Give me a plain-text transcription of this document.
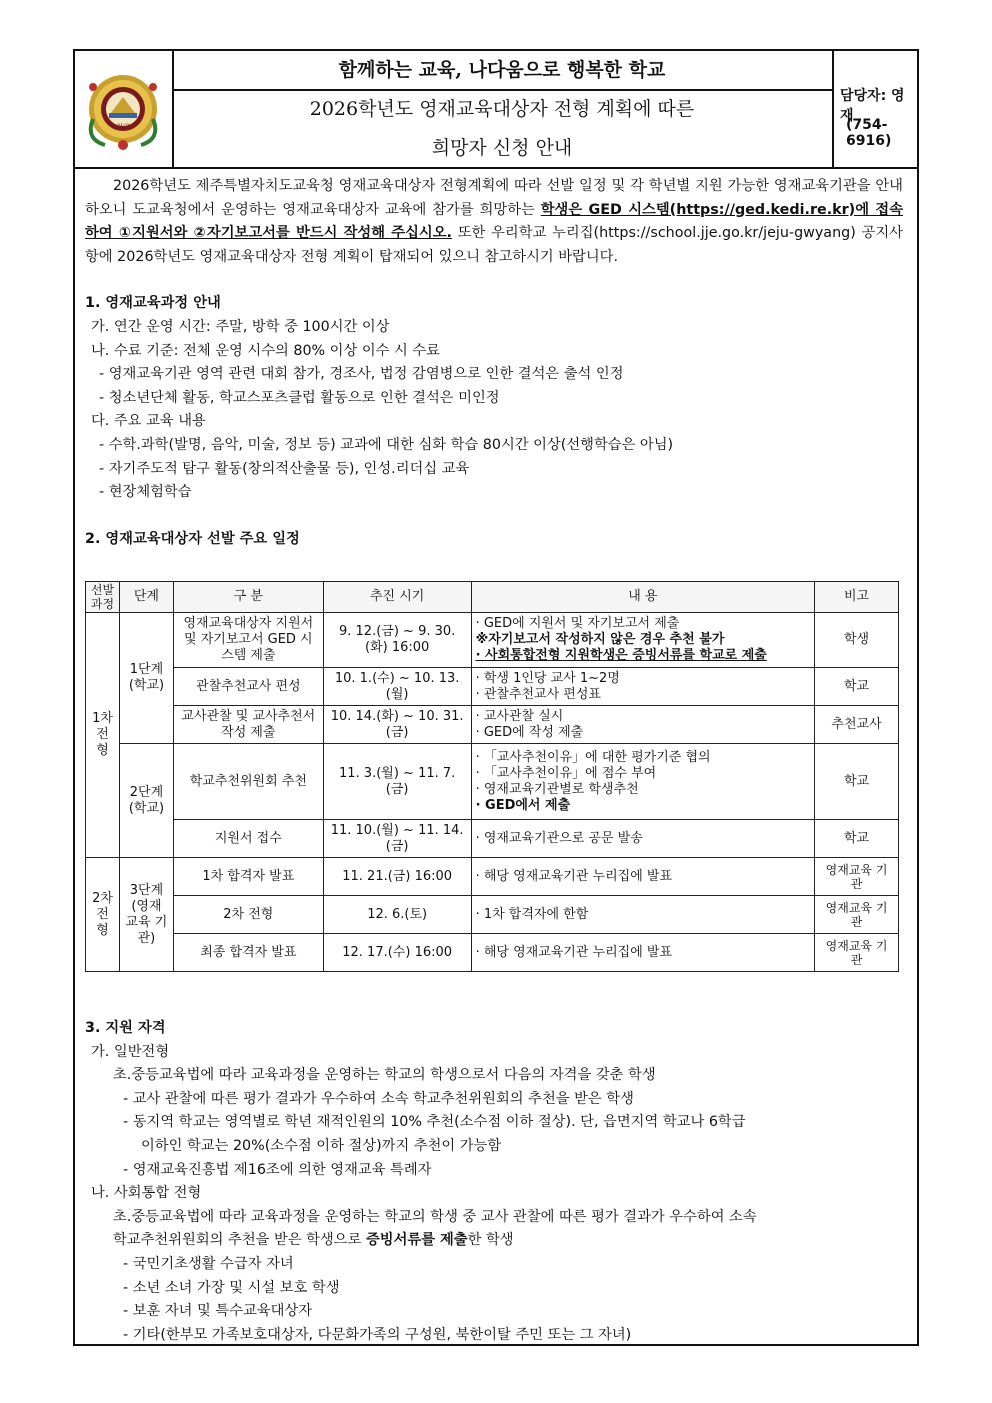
청양
함께하는 교육, 나다움으로 행복한 학교
2026학년도 영재교육대상자 전형 계획에 따른
희망자 신청 안내
담당자: 영재
(754-6916)

2026학년도 제주특별자치도교육청 영재교육대상자 전형계획에 따라 선발 일정 및 각 학년별 지원 가능한 영재교육기관을 안내하오니 도교육청에서 운영하는 영재교육대상자 교육에 참가를 희망하는 학생은 GED 시스템(https://ged.kedi.re.kr)에 접속하여 ①지원서와 ②자기보고서를 반드시 작성해 주십시오. 또한 우리학교 누리집(https://school.jje.go.kr/jeju-gwyang) 공지사항에 2026학년도 영재교육대상자 전형 계획이 탑재되어 있으니 참고하시기 바랍니다.

1. 영재교육과정 안내

가. 연간 운영 시간: 주말, 방학 중 100시간 이상

나. 수료 기준: 전체 운영 시수의 80% 이상 이수 시 수료

- 영재교육기관 영역 관련 대회 참가, 경조사, 법정 감염병으로 인한 결석은 출석 인정

- 청소년단체 활동, 학교스포츠클럽 활동으로 인한 결석은 미인정

다. 주요 교육 내용

- 수학.과학(발명, 음악, 미술, 정보 등) 교과에 대한 심화 학습 80시간 이상(선행학습은 아님)

- 자기주도적 탐구 활동(창의적산출물 등), 인성.리더십 교육

- 현장체험학습

2. 영재교육대상자 선발 주요 일정

선발과정	단계	구 분	추진 시기	내 용	비고
1차 전형	1단계 (학교)	영재교육대상자 지원서 및 자기보고서 GED 시스템 제출	9. 12.(금) ~ 9. 30.(화) 16:00	· GED에 지원서 및 자기보고서 제출
※자기보고서 작성하지 않은 경우 추천 불가
· 사회통합전형 지원학생은 증빙서류를 학교로 제출	학생
		관찰추천교사 편성	10. 1.(수) ~ 10. 13.(월)	· 학생 1인당 교사 1~2명
· 관찰추천교사 편성표	학교
		교사관찰 및 교사추천서 작성 제출	10. 14.(화) ~ 10. 31.(금)	· 교사관찰 실시
· GED에 작성 제출	추천교사
	2단계 (학교)	학교추천위원회 추천	11. 3.(월) ~ 11. 7.(금)	· 「교사추천이유」에 대한 평가기준 협의
· 「교사추천이유」에 점수 부여
· 영재교육기관별로 학생추천
· GED에서 제출	학교
		지원서 접수	11. 10.(월) ~ 11. 14.(금)	· 영재교육기관으로 공문 발송	학교
2차 전형	3단계 (영재 교육 기관)	1차 합격자 발표	11. 21.(금) 16:00	· 해당 영재교육기관 누리집에 발표	영재교육 기 관
		2차 전형	12. 6.(토)	· 1차 합격자에 한함	영재교육 기 관
		최종 합격자 발표	12. 17.(수) 16:00	· 해당 영재교육기관 누리집에 발표	영재교육 기 관

3. 지원 자격

가. 일반전형

초.중등교육법에 따라 교육과정을 운영하는 학교의 학생으로서 다음의 자격을 갖춘 학생

- 교사 관찰에 따른 평가 결과가 우수하여 소속 학교추천위원회의 추천을 받은 학생

- 동지역 학교는 영역별로 학년 재적인원의 10% 추천(소수점 이하 절상). 단, 읍면지역 학교나 6학급

이하인 학교는 20%(소수점 이하 절상)까지 추천이 가능함

- 영재교육진흥법 제16조에 의한 영재교육 특례자

나. 사회통합 전형

초.중등교육법에 따라 교육과정을 운영하는 학교의 학생 중 교사 관찰에 따른 평가 결과가 우수하여 소속

학교추천위원회의 추천을 받은 학생으로 증빙서류를 제출한 학생

- 국민기초생활 수급자 자녀

- 소년 소녀 가장 및 시설 보호 학생

- 보훈 자녀 및 특수교육대상자

- 기타(한부모 가족보호대상자, 다문화가족의 구성원, 북한이탈 주민 또는 그 자녀)
